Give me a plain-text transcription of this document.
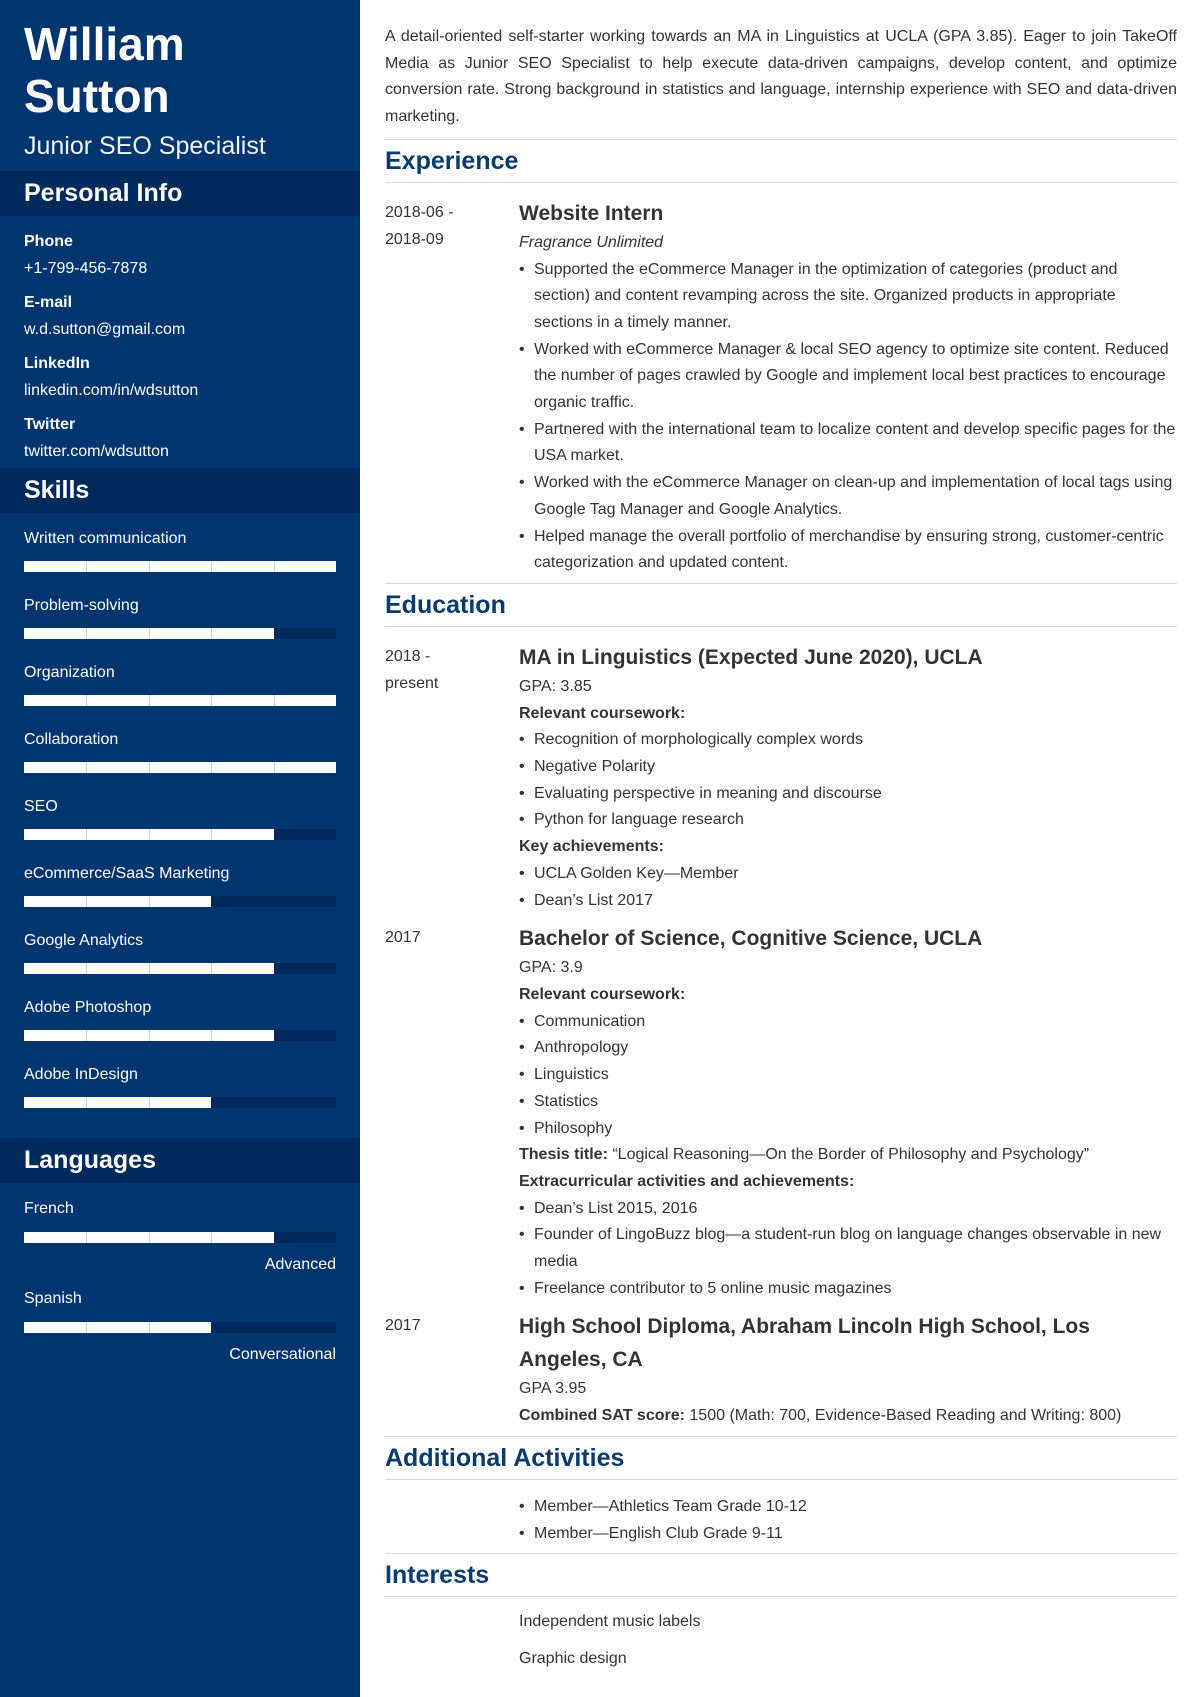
William
Sutton
Junior SEO Specialist
Personal Info
Phone
+1-799-456-7878
E-mail
w.d.sutton@gmail.com
LinkedIn
linkedin.com/in/wdsutton
Twitter
twitter.com/wdsutton
Skills
Written communication
Problem-solving
Organization
Collaboration
SEO
eCommerce/SaaS Marketing
Google Analytics
Adobe Photoshop
Adobe InDesign
Languages
French
Advanced
Spanish
Conversational
A detail-oriented self-starter working towards an MA in Linguistics at UCLA (GPA 3.85). Eager to join TakeOff Media as Junior SEO Specialist to help execute data-driven campaigns, develop content, and optimize conversion rate. Strong background in statistics and language, internship experience with SEO and data-driven marketing.
Experience
2018-06 -
2018-09
Website Intern
Fragrance Unlimited
• Supported the eCommerce Manager in the optimization of categories (product and section) and content revamping across the site. Organized products in appropriate sections in a timely manner.
• Worked with eCommerce Manager & local SEO agency to optimize site content. Reduced the number of pages crawled by Google and implement local best practices to encourage organic traffic.
• Partnered with the international team to localize content and develop specific pages for the USA market.
• Worked with the eCommerce Manager on clean-up and implementation of local tags using Google Tag Manager and Google Analytics.
• Helped manage the overall portfolio of merchandise by ensuring strong, customer-centric categorization and updated content.
Education
2018 -
present
MA in Linguistics (Expected June 2020), UCLA
GPA: 3.85
Relevant coursework:
• Recognition of morphologically complex words
• Negative Polarity
• Evaluating perspective in meaning and discourse
• Python for language research
Key achievements:
• UCLA Golden Key—Member
• Dean’s List 2017
2017	Bachelor of Science, Cognitive Science, UCLA
GPA: 3.9
Relevant coursework:
• Communication
• Anthropology
• Linguistics
• Statistics
• Philosophy
Thesis title: “Logical Reasoning—On the Border of Philosophy and Psychology”
Extracurricular activities and achievements:
• Dean’s List 2015, 2016
• Founder of LingoBuzz blog—a student-run blog on language changes observable in new media
• Freelance contributor to 5 online music magazines
2017	High School Diploma, Abraham Lincoln High School, Los Angeles, CA
GPA 3.95
Combined SAT score: 1500 (Math: 700, Evidence-Based Reading and Writing: 800)
Additional Activities
• Member—Athletics Team Grade 10-12
• Member—English Club Grade 9-11
Interests
Independent music labels
Graphic design
